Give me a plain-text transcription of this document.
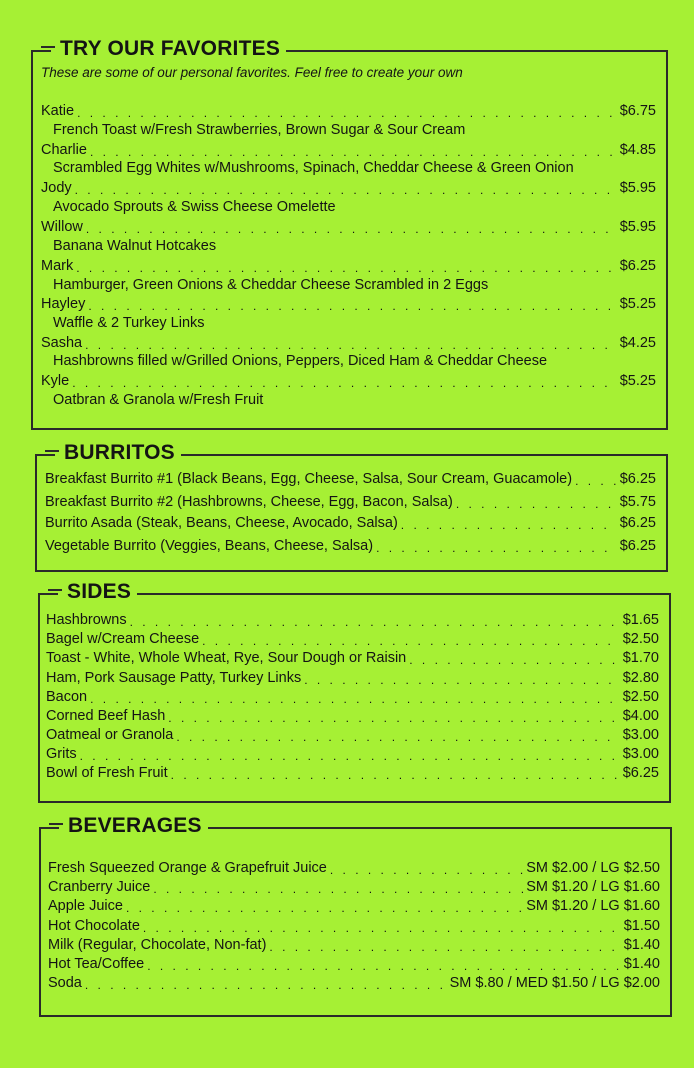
TRY OUR FAVORITES
These are some of our personal favorites. Feel free to create your own
Katie . . .	$6.75
French Toast w/Fresh Strawberries, Brown Sugar & Sour Cream
Charlie . . .	$4.85
Scrambled Egg Whites w/Mushrooms, Spinach, Cheddar Cheese & Green Onion
Jody . . .	$5.95
Avocado Sprouts & Swiss Cheese Omelette
Willow . . .	$5.95
Banana Walnut Hotcakes
Mark . . .	$6.25
Hamburger, Green Onions & Cheddar Cheese Scrambled in 2 Eggs
Hayley . . .	$5.25
Waffle & 2 Turkey Links
Sasha . . .	$4.25
Hashbrowns filled w/Grilled Onions, Peppers, Diced Ham & Cheddar Cheese
Kyle . . .	$5.25
Oatbran & Granola w/Fresh Fruit
BURRITOS
Breakfast Burrito #1 (Black Beans, Egg, Cheese, Salsa, Sour Cream, Guacamole) . . .	$6.25
Breakfast Burrito #2 (Hashbrowns, Cheese, Egg, Bacon, Salsa) . . .	$5.75
Burrito Asada (Steak, Beans, Cheese, Avocado, Salsa) . . .	$6.25
Vegetable Burrito (Veggies, Beans, Cheese, Salsa) . . .	$6.25
SIDES
Hashbrowns . . .	$1.65
Bagel w/Cream Cheese . . .	$2.50
Toast - White, Whole Wheat, Rye, Sour Dough or Raisin . . .	$1.70
Ham, Pork Sausage Patty, Turkey Links . . .	$2.80
Bacon . . .	$2.50
Corned Beef Hash . . .	$4.00
Oatmeal or Granola . . .	$3.00
Grits . . .	$3.00
Bowl of Fresh Fruit . . .	$6.25
BEVERAGES
Fresh Squeezed Orange & Grapefruit Juice . . .	SM $2.00 / LG $2.50
Cranberry Juice . . .	SM $1.20 / LG $1.60
Apple Juice . . .	SM $1.20 / LG $1.60
Hot Chocolate . . .	$1.50
Milk (Regular, Chocolate, Non-fat) . . .	$1.40
Hot Tea/Coffee . . .	$1.40
Soda . . .	SM $.80 / MED $1.50 / LG $2.00
